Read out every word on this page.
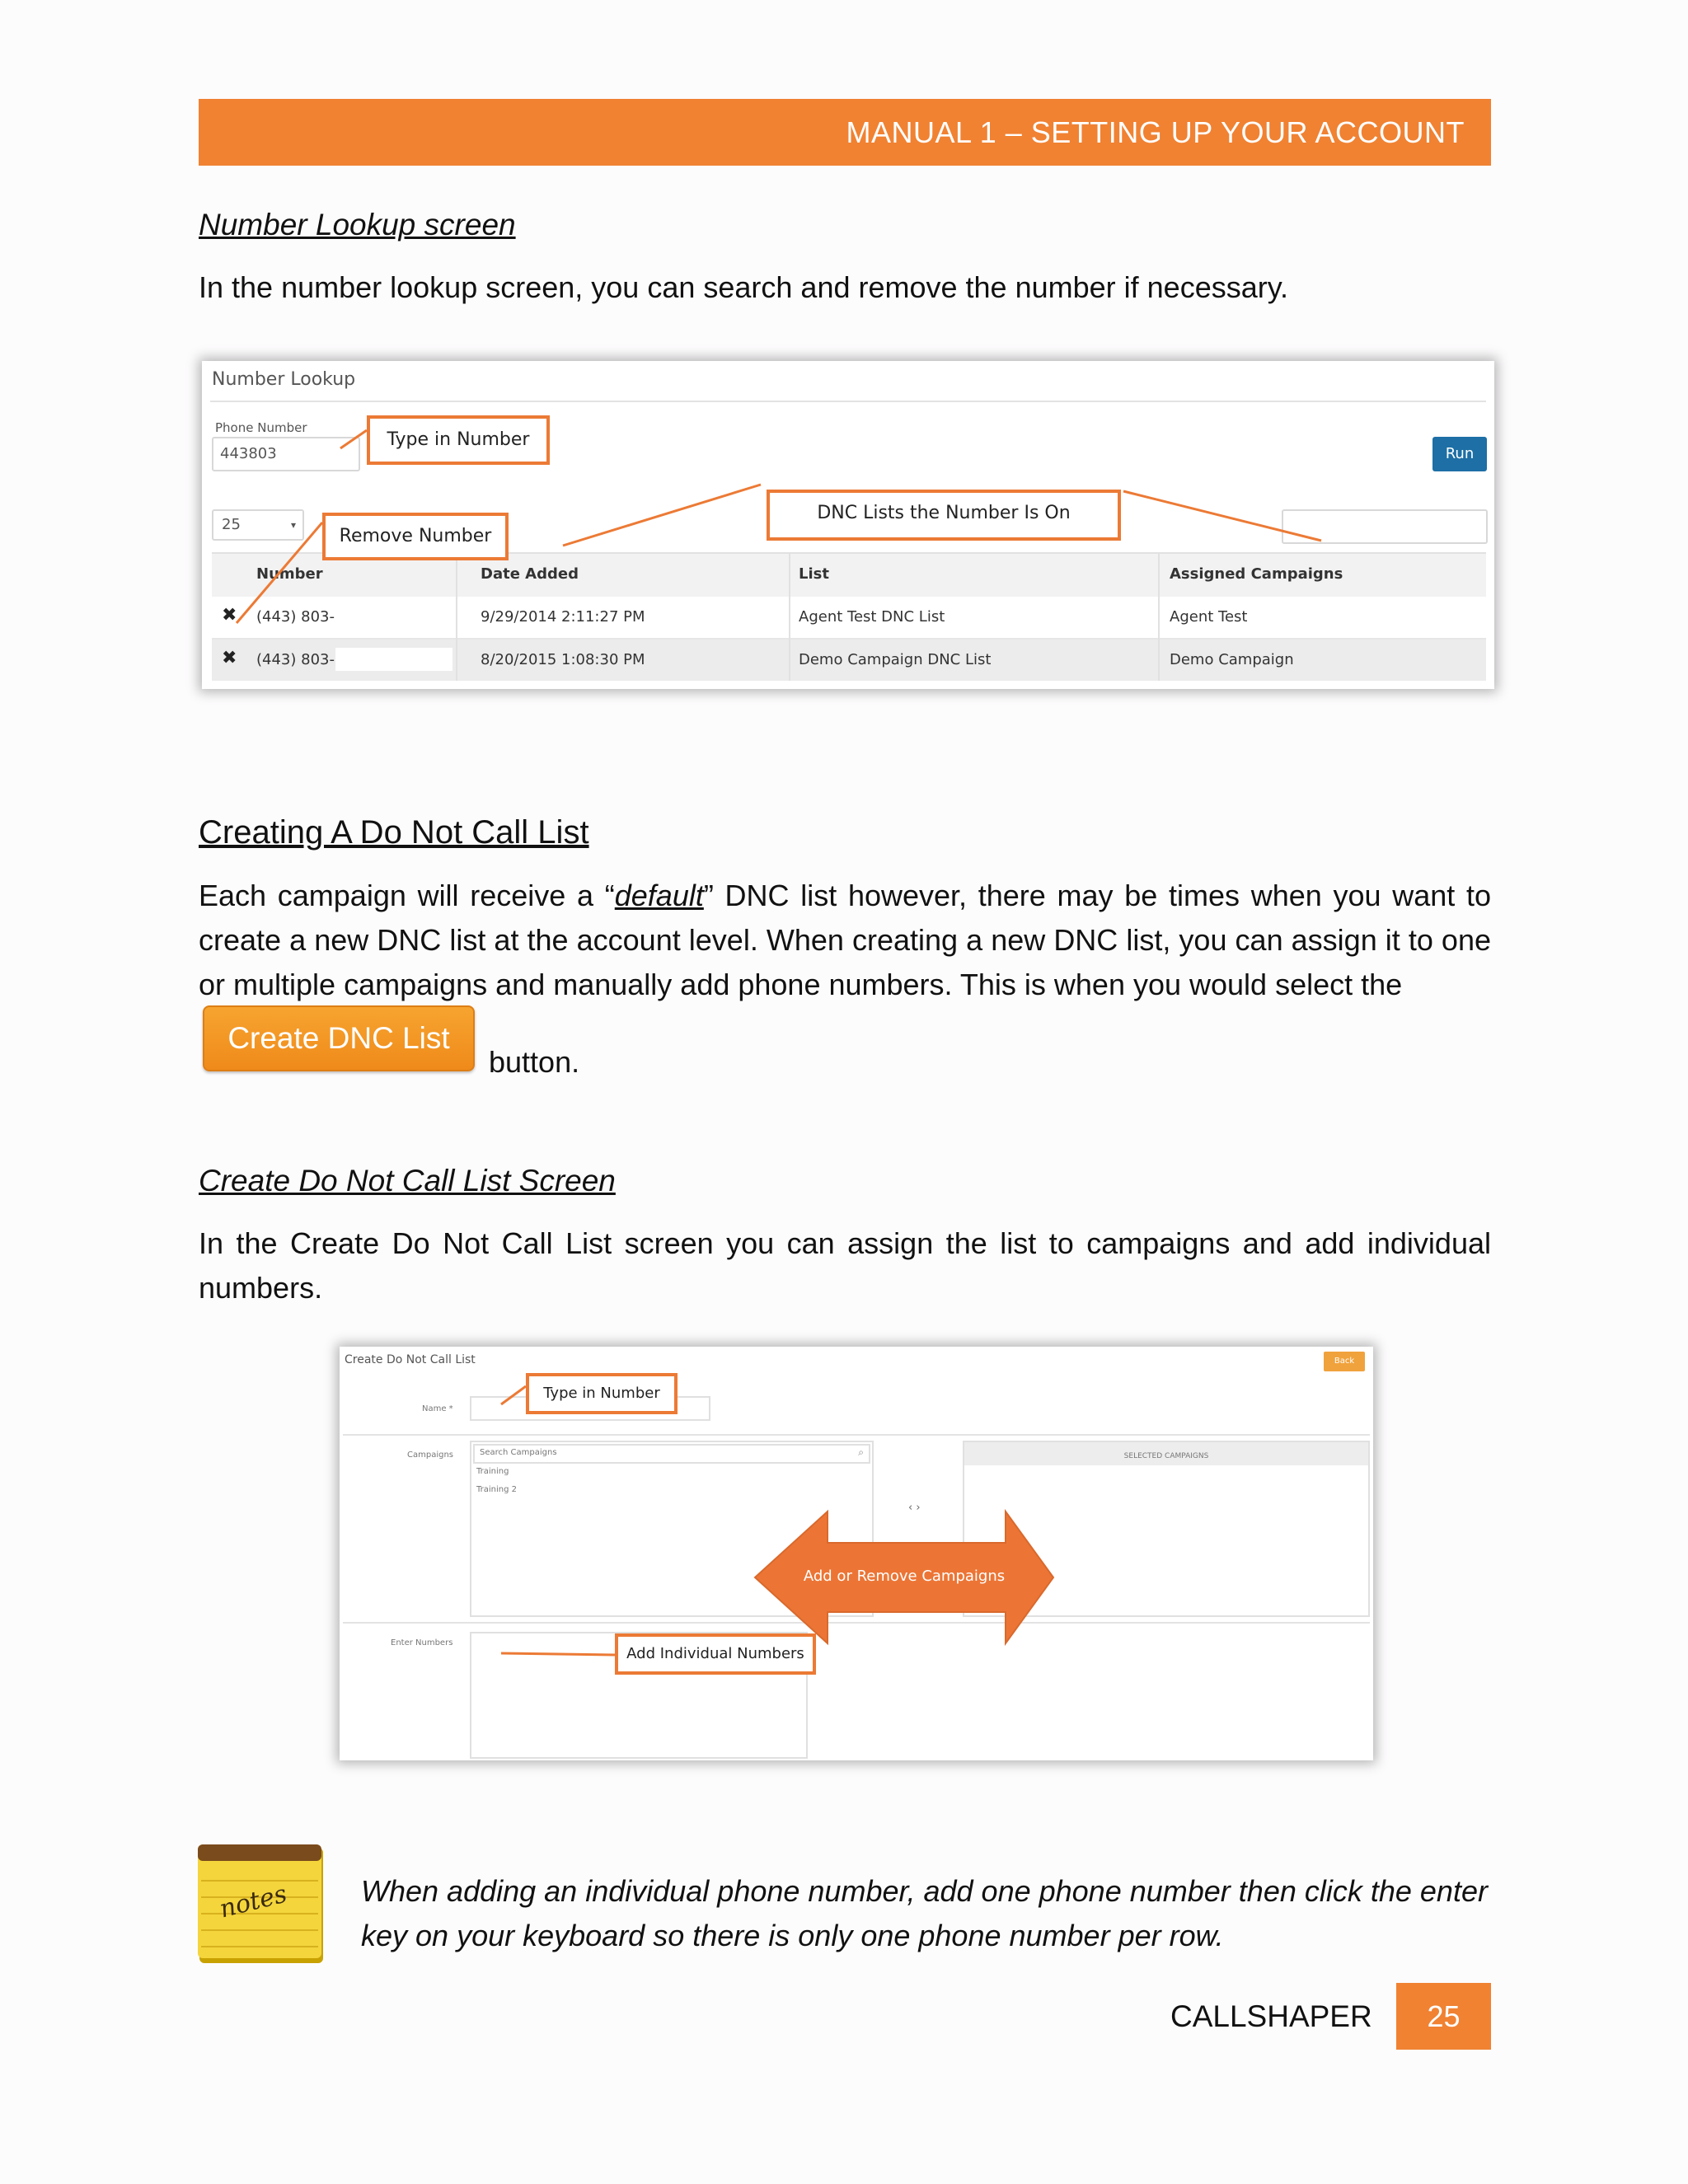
MANUAL 1 – SETTING UP YOUR ACCOUNT
Number Lookup screen
In the number lookup screen, you can search and remove the number if necessary.
Number Lookup
Phone Number
443803	Run
25	▾
Number	Date Added	List	Assigned Campaigns
✖ (443) 803-	9/29/2014 2:11:27 PM	Agent Test DNC List	Agent Test
✖ (443) 803-	8/20/2015 1:08:30 PM	Demo Campaign DNC List	Demo Campaign
Type in Number
Remove Number
DNC Lists the Number Is On
Creating A Do Not Call List
Each campaign will receive a “default” DNC list however, there may be times when you want to create a new DNC list at the account level. When creating a new DNC list, you can assign it to one or multiple campaigns and manually add phone numbers. This is when you would select the
Create DNC List
button.
Create Do Not Call List Screen
In the Create Do Not Call List screen you can assign the list to campaigns and add individual numbers.
Create Do Not Call List	Back
Name *
Campaigns	Search Campaigns	⌕
Training
Training 2
‹ ›
SELECTED CAMPAIGNS
Enter Numbers
Add or Remove Campaigns
Type in Number
Add Individual Numbers
notes When adding an individual phone number, add one phone number then click the enter key on your keyboard so there is only one phone number per row.
CALLSHAPER	25
